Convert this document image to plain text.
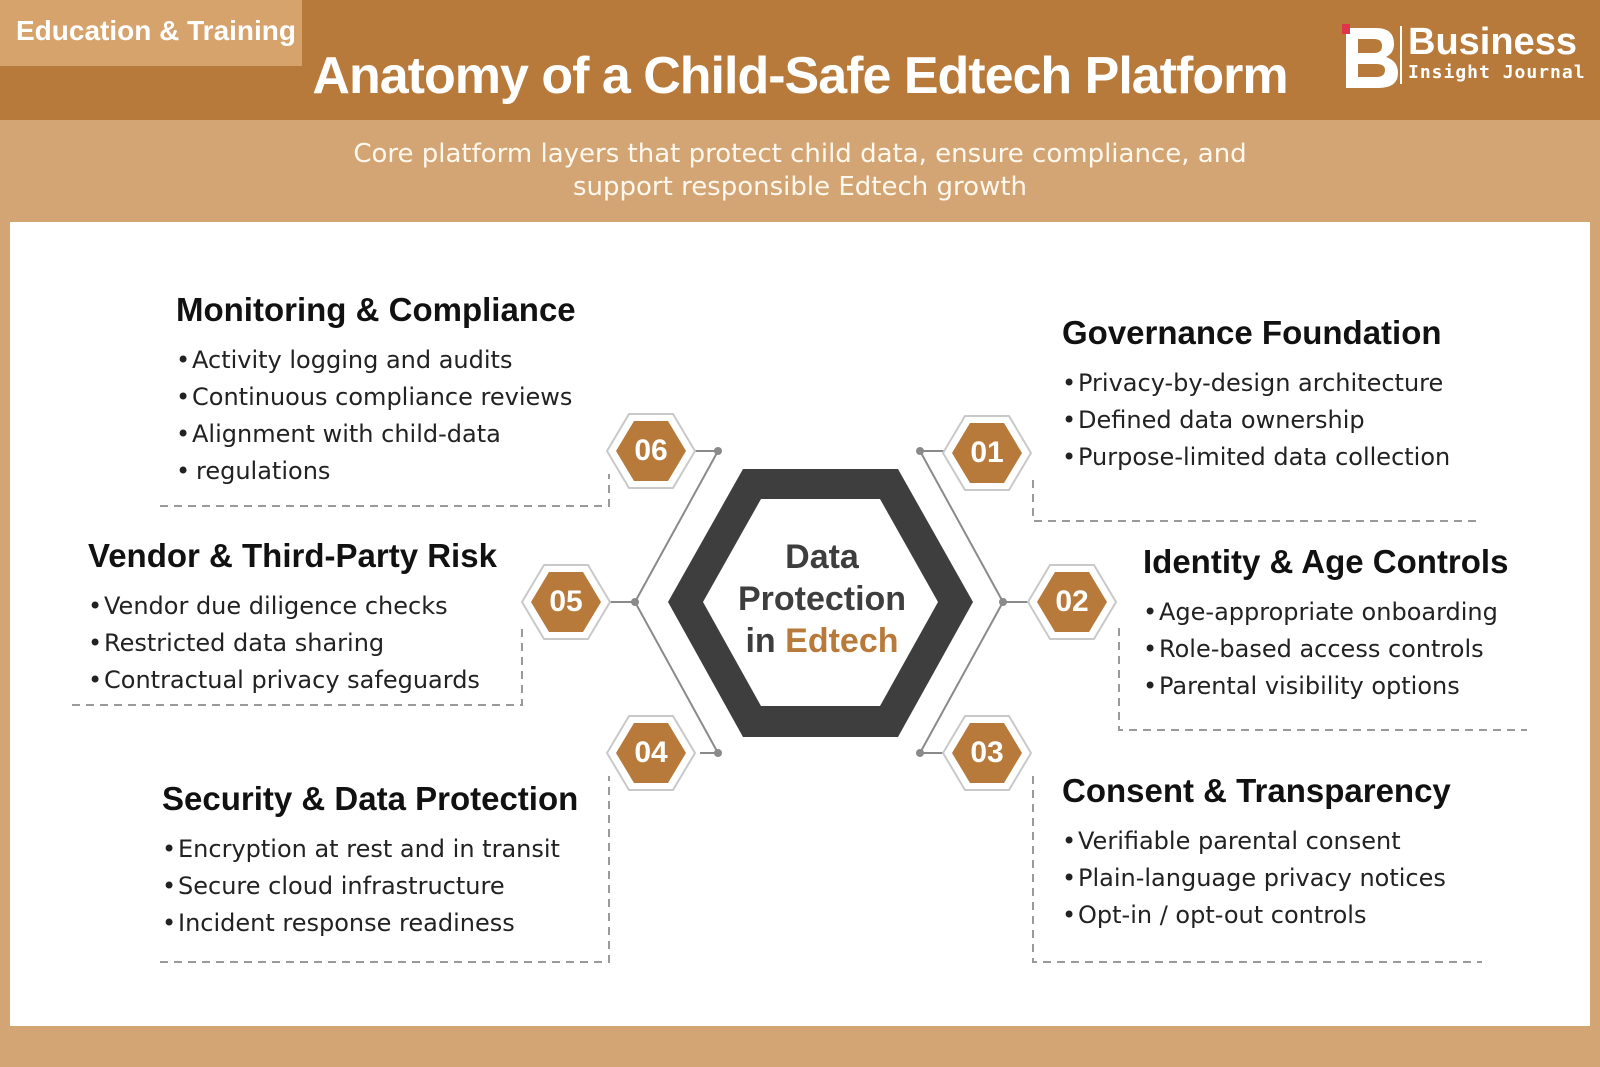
Education & Training
Anatomy of a Child-Safe Edtech Platform
Business
Insight Journal
Core platform layers that protect child data, ensure compliance, and
support responsible Edtech growth
06
05
04
01
02
03
Data
Protection
in Edtech
Monitoring & Compliance
• Activity logging and audits
• Continuous compliance reviews
• Alignment with child-data
• regulations
Vendor & Third-Party Risk
• Vendor due diligence checks
• Restricted data sharing
• Contractual privacy safeguards
Security & Data Protection
• Encryption at rest and in transit
• Secure cloud infrastructure
• Incident response readiness
Governance Foundation
• Privacy-by-design architecture
• Defined data ownership
• Purpose-limited data collection
Identity & Age Controls
• Age-appropriate onboarding
• Role-based access controls
• Parental visibility options
Consent & Transparency
• Verifiable parental consent
• Plain-language privacy notices
• Opt-in / opt-out controls
